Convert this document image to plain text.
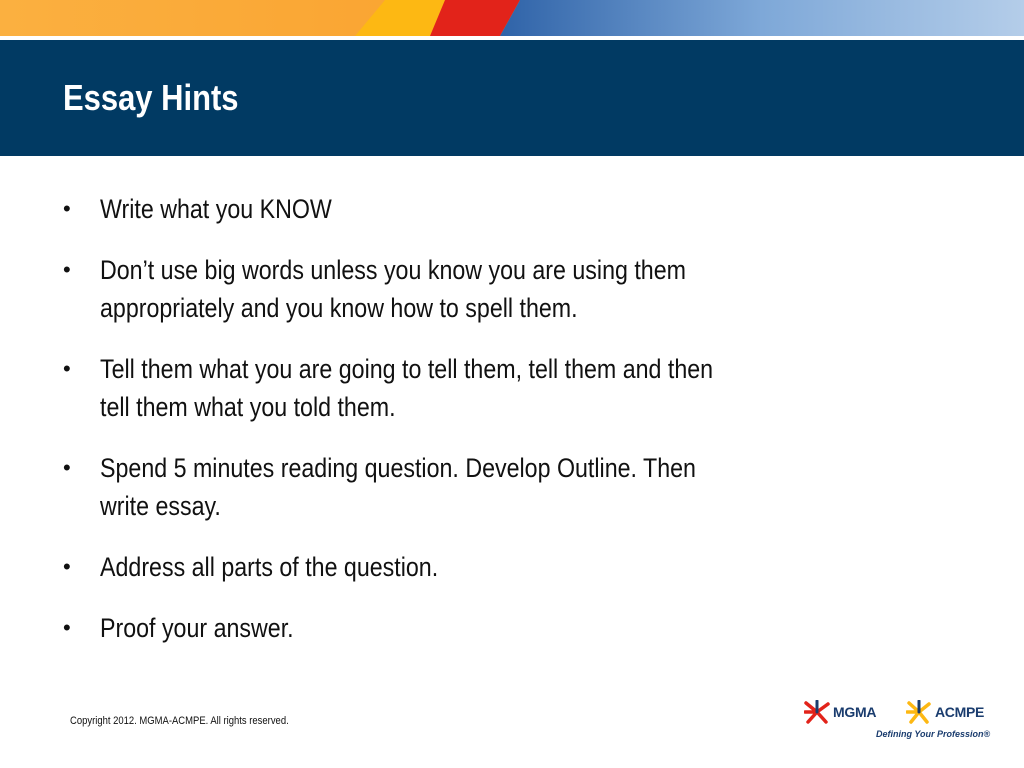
Essay Hints
•	Write what you KNOW
•	Don’t use big words unless you know you are using them appropriately and you know how to spell them.
•	Tell them what you are going to tell them, tell them and then tell them what you told them.
•	Spend 5 minutes reading question. Develop Outline. Then write essay.
•	Address all parts of the question.
•	Proof your answer.
Copyright 2012. MGMA-ACMPE. All rights reserved.
MGMA	ACMPE
Defining Your Profession®
